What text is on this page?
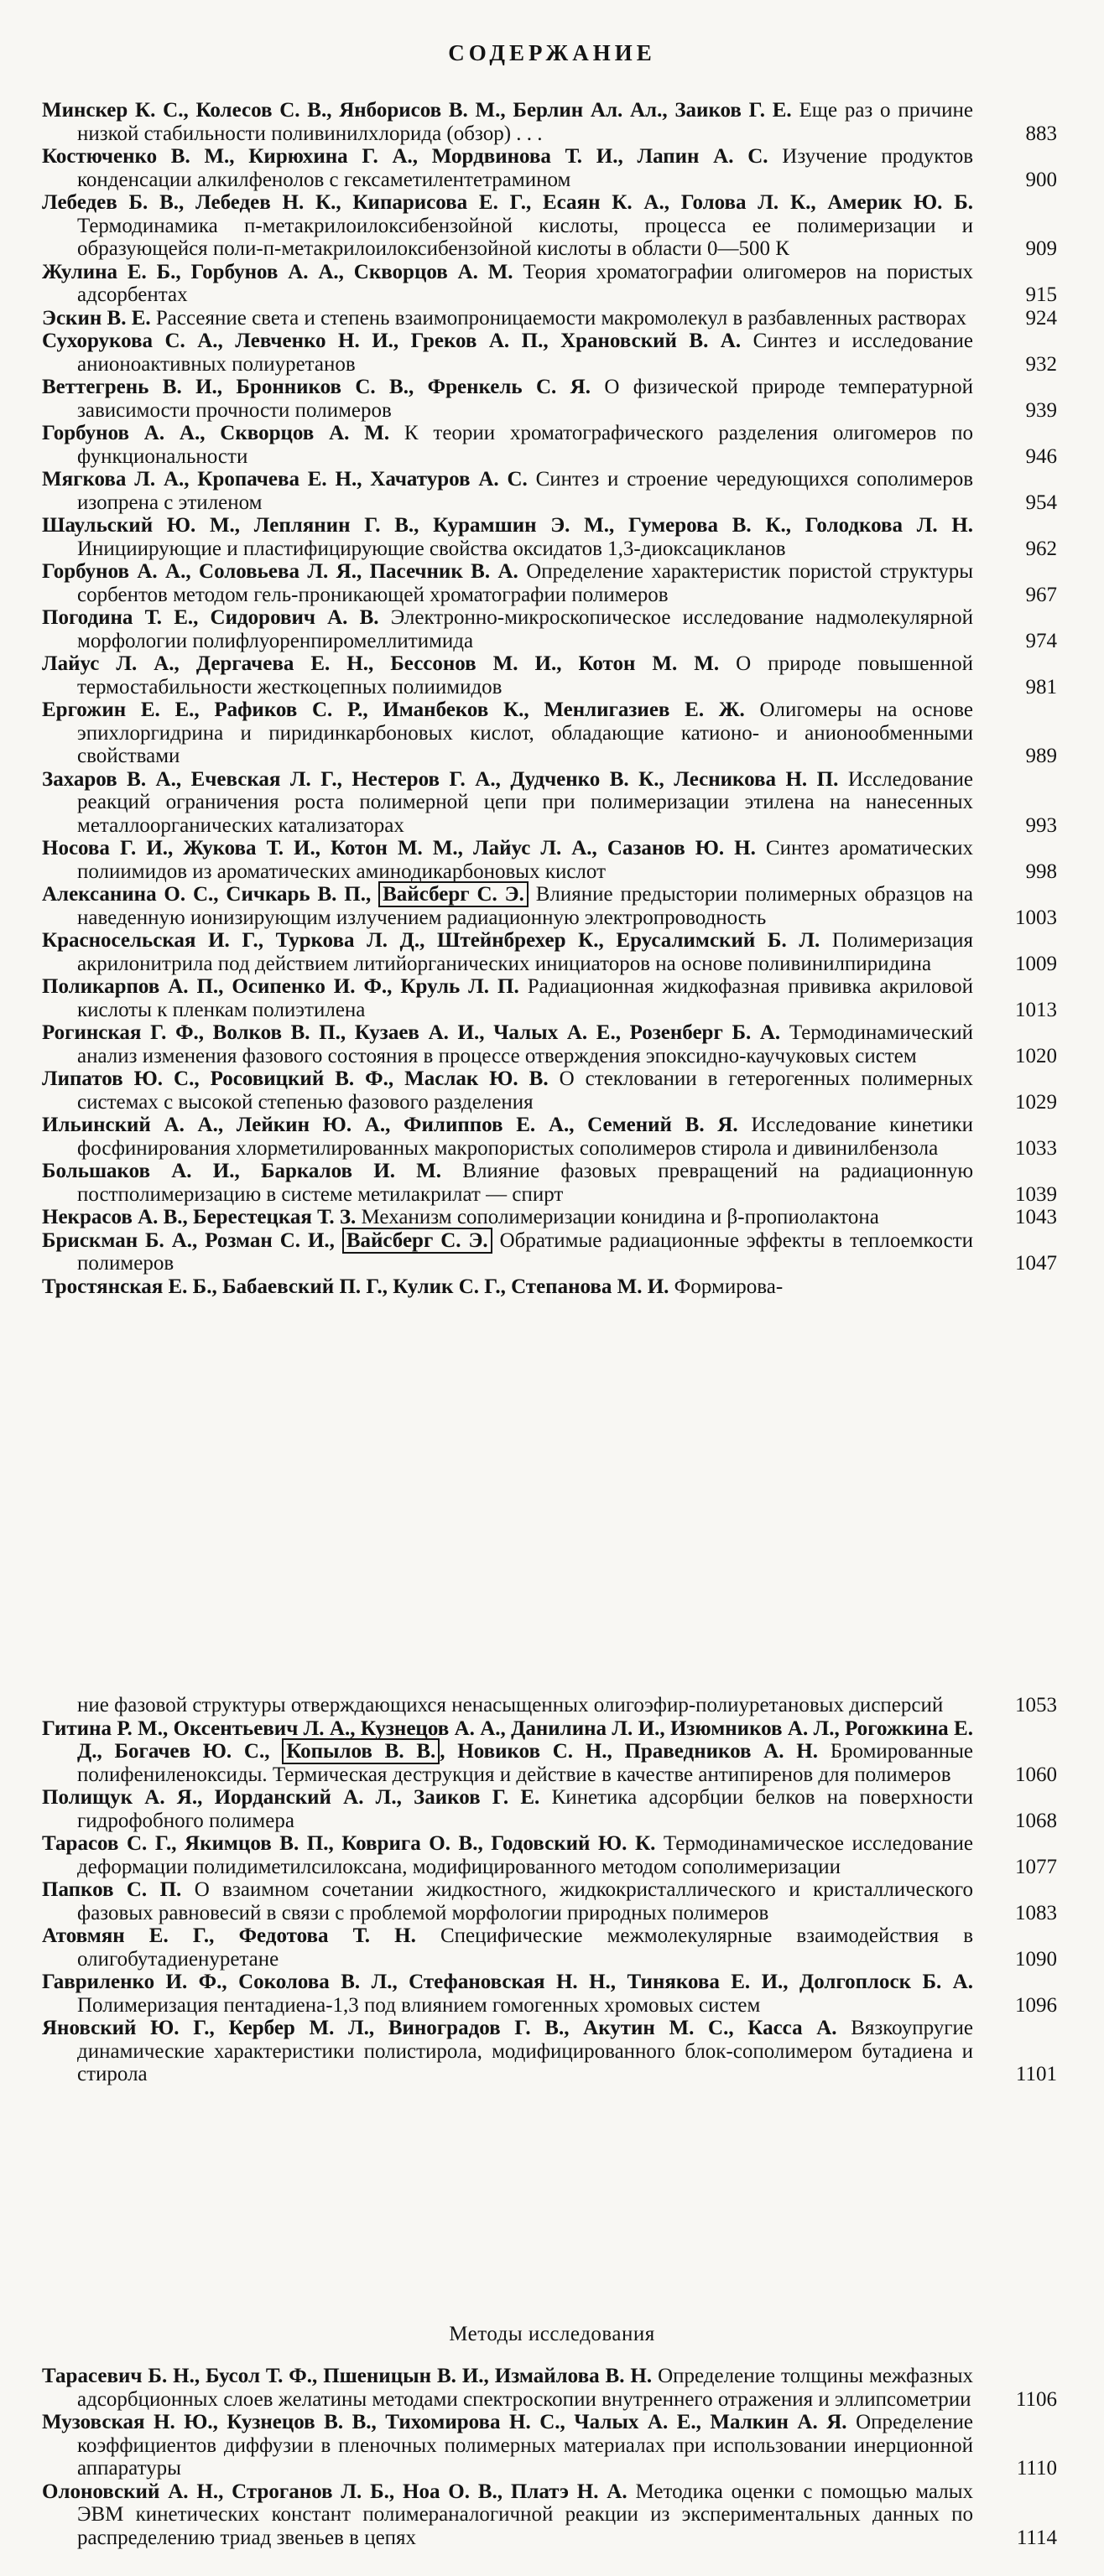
СОДЕРЖАНИЕ
Минскер К. С., Колесов С. В., Янборисов В. М., Берлин Ал. Ал., Заиков Г. Е. Еще раз о причине низкой стабильности поливинилхлорида (обзор) . . .	883
Костюченко В. М., Кирюхина Г. А., Мордвинова Т. И., Лапин А. С. Изучение продуктов конденсации алкилфенолов с гексаметилентетрамином	900
Лебедев Б. В., Лебедев Н. К., Кипарисова Е. Г., Есаян К. А., Голова Л. К., Америк Ю. Б. Термодинамика п-метакрилоилоксибензойной кислоты, процесса ее полимеризации и образующейся поли-п-метакрилоилоксибензойной кислоты в области 0—500 К	909
Жулина Е. Б., Горбунов А. А., Скворцов А. М. Теория хроматографии олигомеров на пористых адсорбентах	915
Эскин В. Е. Рассеяние света и степень взаимопроницаемости макромолекул в разбавленных растворах	924
Сухорукова С. А., Левченко Н. И., Греков А. П., Храновский В. А. Синтез и исследование анионоактивных полиуретанов	932
Веттегрень В. И., Бронников С. В., Френкель С. Я. О физической природе температурной зависимости прочности полимеров	939
Горбунов А. А., Скворцов А. М. К теории хроматографического разделения олигомеров по функциональности	946
Мягкова Л. А., Кропачева Е. Н., Хачатуров А. С. Синтез и строение чередующихся сополимеров изопрена с этиленом	954
Шаульский Ю. М., Леплянин Г. В., Курамшин Э. М., Гумерова В. К., Голодкова Л. Н. Инициирующие и пластифицирующие свойства оксидатов 1,3-диоксацикланов	962
Горбунов А. А., Соловьева Л. Я., Пасечник В. А. Определение характеристик пористой структуры сорбентов методом гель-проникающей хроматографии полимеров	967
Погодина Т. Е., Сидорович А. В. Электронно-микроскопическое исследование надмолекулярной морфологии полифлуоренпиромеллитимида	974
Лайус Л. А., Дергачева Е. Н., Бессонов М. И., Котон М. М. О природе повышенной термостабильности жесткоцепных полиимидов	981
Ергожин Е. Е., Рафиков С. Р., Иманбеков К., Менлигазиев Е. Ж. Олигомеры на основе эпихлоргидрина и пиридинкарбоновых кислот, обладающие катионо- и анионообменными свойствами	989
Захаров В. А., Ечевская Л. Г., Нестеров Г. А., Дудченко В. К., Лесникова Н. П. Исследование реакций ограничения роста полимерной цепи при полимеризации этилена на нанесенных металлоорганических катализаторах	993
Носова Г. И., Жукова Т. И., Котон М. М., Лайус Л. А., Сазанов Ю. Н. Синтез ароматических полиимидов из ароматических аминодикарбоновых кислот	998
Алексанина О. С., Сичкарь В. П., Вайсберг С. Э. Влияние предыстории полимерных образцов на наведенную ионизирующим излучением радиационную электропроводность	1003
Красносельская И. Г., Туркова Л. Д., Штейнбрехер К., Ерусалимский Б. Л. Полимеризация акрилонитрила под действием литийорганических инициаторов на основе поливинилпиридина	1009
Поликарпов А. П., Осипенко И. Ф., Круль Л. П. Радиационная жидкофазная прививка акриловой кислоты к пленкам полиэтилена	1013
Рогинская Г. Ф., Волков В. П., Кузаев А. И., Чалых А. Е., Розенберг Б. А. Термодинамический анализ изменения фазового состояния в процессе отверждения эпоксидно-каучуковых систем	1020
Липатов Ю. С., Росовицкий В. Ф., Маслак Ю. В. О стекловании в гетерогенных полимерных системах с высокой степенью фазового разделения	1029
Ильинский А. А., Лейкин Ю. А., Филиппов Е. А., Семений В. Я. Исследование кинетики фосфинирования хлорметилированных макропористых сополимеров стирола и дивинилбензола	1033
Большаков А. И., Баркалов И. М. Влияние фазовых превращений на радиационную постполимеризацию в системе метилакрилат — спирт	1039
Некрасов А. В., Берестецкая Т. З. Механизм сополимеризации конидина и β-пропиолактона	1043
Брискман Б. А., Розман С. И., Вайсберг С. Э. Обратимые радиационные эффекты в теплоемкости полимеров	1047
Тростянская Е. Б., Бабаевский П. Г., Кулик С. Г., Степанова М. И. Формирова-
ние фазовой структуры отверждающихся ненасыщенных олигоэфир-полиуретановых дисперсий	1053
Гитина Р. М., Оксентьевич Л. А., Кузнецов А. А., Данилина Л. И., Изюмников А. Л., Рогожкина Е. Д., Богачев Ю. С., Копылов В. В. , Новиков С. Н., Праведников А. Н. Бромированные полифениленоксиды. Термическая деструкция и действие в качестве антипиренов для полимеров	1060
Полищук А. Я., Иорданский А. Л., Заиков Г. Е. Кинетика адсорбции белков на поверхности гидрофобного полимера	1068
Тарасов С. Г., Якимцов В. П., Коврига О. В., Годовский Ю. К. Термодинамическое исследование деформации полидиметилсилоксана, модифицированного методом сополимеризации	1077
Папков С. П. О взаимном сочетании жидкостного, жидкокристаллического и кристаллического фазовых равновесий в связи с проблемой морфологии природных полимеров	1083
Атовмян Е. Г., Федотова Т. Н. Специфические межмолекулярные взаимодействия в олигобутадиенуретане	1090
Гавриленко И. Ф., Соколова В. Л., Стефановская Н. Н., Тинякова Е. И., Долгоплоск Б. А. Полимеризация пентадиена-1,3 под влиянием гомогенных хромовых систем	1096
Яновский Ю. Г., Кербер М. Л., Виноградов Г. В., Акутин М. С., Касса А. Вязкоупругие динамические характеристики полистирола, модифицированного блок-сополимером бутадиена и стирола	1101
Методы исследования
Тарасевич Б. Н., Бусол Т. Ф., Пшеницын В. И., Измайлова В. Н. Определение толщины межфазных адсорбционных слоев желатины методами спектроскопии внутреннего отражения и эллипсометрии	1106
Музовская Н. Ю., Кузнецов В. В., Тихомирова Н. С., Чалых А. Е., Малкин А. Я. Определение коэффициентов диффузии в пленочных полимерных материалах при использовании инерционной аппаратуры	1110
Олоновский А. Н., Строганов Л. Б., Ноа О. В., Платэ Н. А. Методика оценки с помощью малых ЭВМ кинетических констант полимераналогичной реакции из экспериментальных данных по распределению триад звеньев в цепях	1114
